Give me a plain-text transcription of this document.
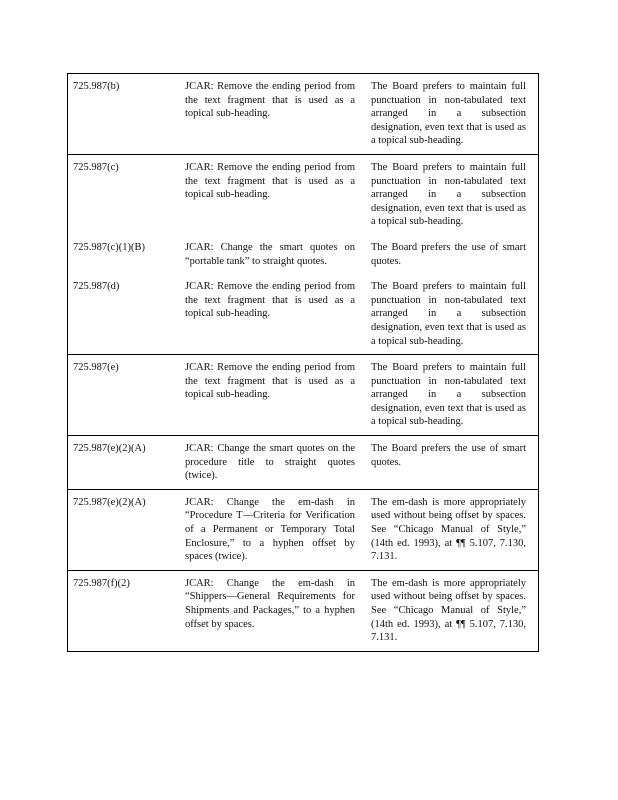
725.987(b)	JCAR: Remove the ending period from the text fragment that is used as a topical sub-heading.	The Board prefers to maintain full punctuation in non-tabulated text arranged in a subsection designation, even text that is used as a topical sub-heading.
725.987(c)	JCAR: Remove the ending period from the text fragment that is used as a topical sub-heading.	The Board prefers to maintain full punctuation in non-tabulated text arranged in a subsection designation, even text that is used as a topical sub-heading.
725.987(c)(1)(B)	JCAR: Change the smart quotes on “portable tank” to straight quotes.	The Board prefers the use of smart quotes.
725.987(d)	JCAR: Remove the ending period from the text fragment that is used as a topical sub-heading.	The Board prefers to maintain full punctuation in non-tabulated text arranged in a subsection designation, even text that is used as a topical sub-heading.
725.987(e)	JCAR: Remove the ending period from the text fragment that is used as a topical sub-heading.	The Board prefers to maintain full punctuation in non-tabulated text arranged in a subsection designation, even text that is used as a topical sub-heading.
725.987(e)(2)(A)	JCAR: Change the smart quotes on the procedure title to straight quotes (twice).	The Board prefers the use of smart quotes.
725.987(e)(2)(A)	JCAR: Change the em-dash in “Procedure T—Criteria for Verification of a Permanent or Temporary Total Enclosure,” to a hyphen offset by spaces (twice).	The em-dash is more appropriately used without being offset by spaces. See “Chicago Manual of Style,” (14th ed. 1993), at ¶¶ 5.107, 7.130, 7.131.
725.987(f)(2)	JCAR: Change the em-dash in “Shippers—General Requirements for Shipments and Packages,” to a hyphen offset by spaces.	The em-dash is more appropriately used without being offset by spaces. See “Chicago Manual of Style,” (14th ed. 1993), at ¶¶ 5.107, 7.130, 7.131.
